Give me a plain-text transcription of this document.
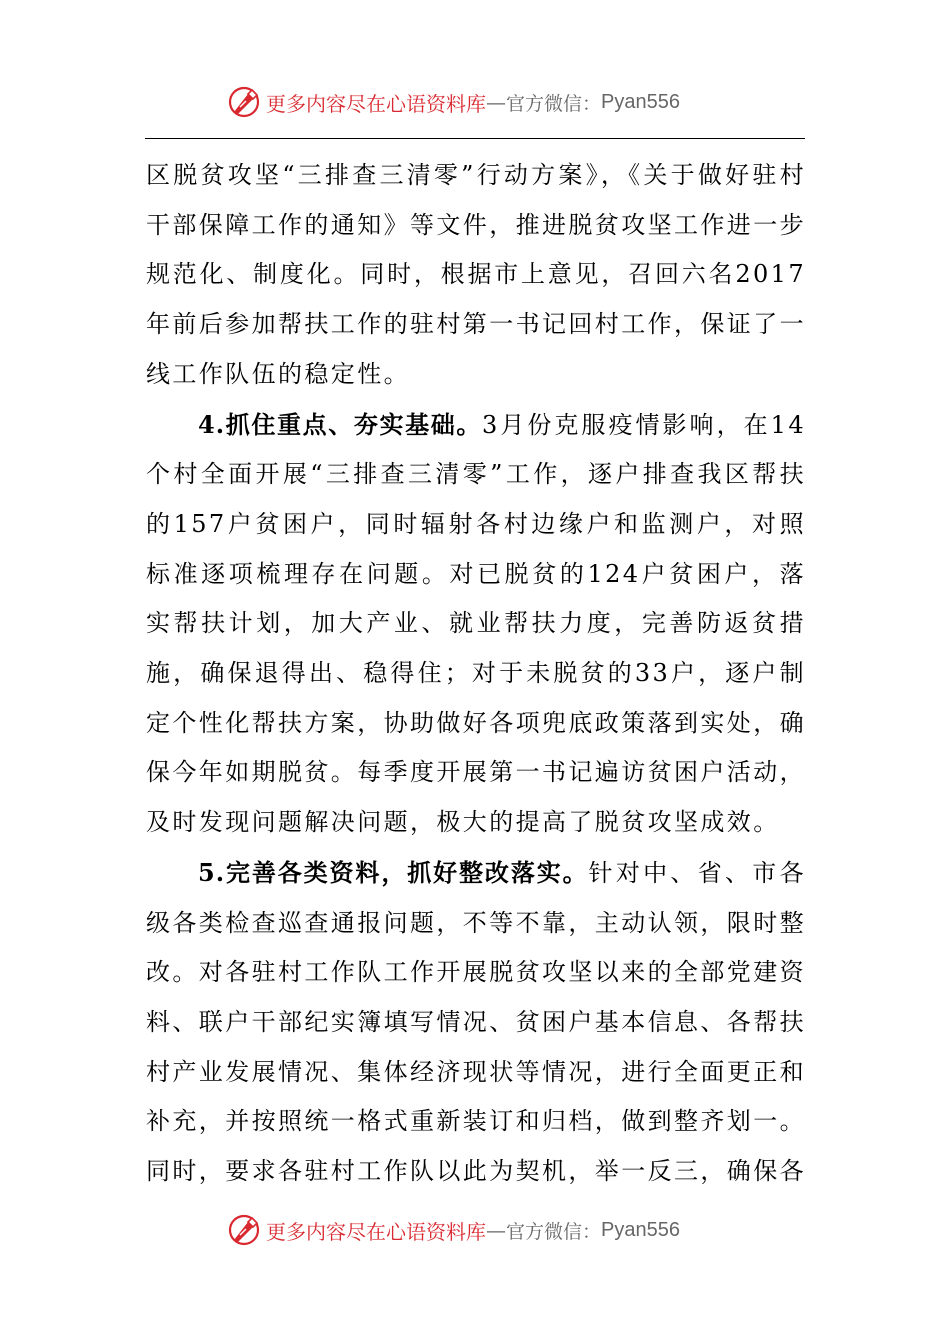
更多内容尽在心语资料库 — 官方微信： Pyan556

区脱贫攻坚“三排查三清零”行动方案》，《关于做好驻村干部保障工作的通知》等文件，推进脱贫攻坚工作进一步规范化、制度化。同时，根据市上意见，召回六名2017年前后参加帮扶工作的驻村第一书记回村工作，保证了一线工作队伍的稳定性。

4.抓住重点、夯实基础。3月份克服疫情影响，在14个村全面开展“三排查三清零”工作，逐户排查我区帮扶的157户贫困户，同时辐射各村边缘户和监测户，对照标准逐项梳理存在问题。对已脱贫的124户贫困户，落实帮扶计划，加大产业、就业帮扶力度，完善防返贫措施，确保退得出、稳得住；对于未脱贫的33户，逐户制定个性化帮扶方案，协助做好各项兜底政策落到实处，确保今年如期脱贫。每季度开展第一书记遍访贫困户活动，及时发现问题解决问题，极大的提高了脱贫攻坚成效。

5.完善各类资料，抓好整改落实。针对中、省、市各级各类检查巡查通报问题，不等不靠，主动认领，限时整改。对各驻村工作队工作开展脱贫攻坚以来的全部党建资料、联户干部纪实簿填写情况、贫困户基本信息、各帮扶村产业发展情况、集体经济现状等情况，进行全面更正和补充，并按照统一格式重新装订和归档，做到整齐划一。同时，要求各驻村工作队以此为契机，举一反三，确保各

更多内容尽在心语资料库 — 官方微信： Pyan556
